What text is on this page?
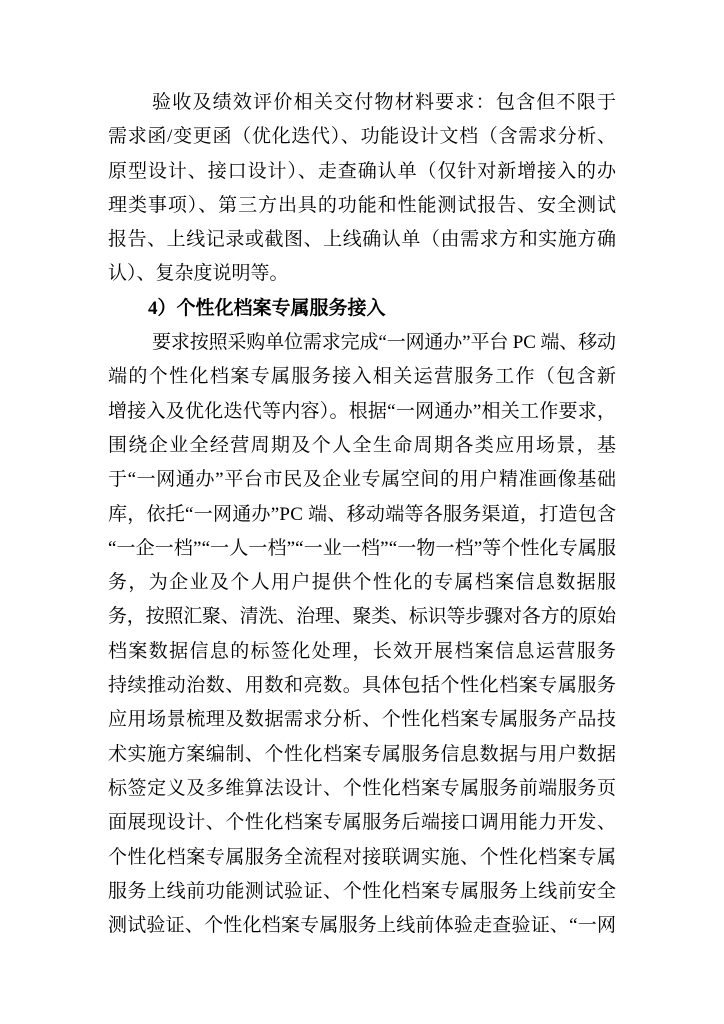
验收及绩效评价相关交付物材料要求：包含但不限于
需求函/变更函（优化迭代）、功能设计文档（含需求分析、
原型设计、接口设计）、走查确认单（仅针对新增接入的办
理类事项）、第三方出具的功能和性能测试报告、安全测试
报告、上线记录或截图、上线确认单（由需求方和实施方确
认）、复杂度说明等。
4）个性化档案专属服务接入
要求按照采购单位需求完成“一网通办”平台 PC 端、移动
端的个性化档案专属服务接入相关运营服务工作（包含新
增接入及优化迭代等内容）。根据“一网通办”相关工作要求，
围绕企业全经营周期及个人全生命周期各类应用场景，基
于“一网通办”平台市民及企业专属空间的用户精准画像基础
库，依托“一网通办”PC 端、移动端等各服务渠道，打造包含
“一企一档”“一人一档”“一业一档”“一物一档”等个性化专属服
务，为企业及个人用户提供个性化的专属档案信息数据服
务，按照汇聚、清洗、治理、聚类、标识等步骤对各方的原始
档案数据信息的标签化处理，长效开展档案信息运营服务
持续推动治数、用数和亮数。具体包括个性化档案专属服务
应用场景梳理及数据需求分析、个性化档案专属服务产品技
术实施方案编制、个性化档案专属服务信息数据与用户数据
标签定义及多维算法设计、个性化档案专属服务前端服务页
面展现设计、个性化档案专属服务后端接口调用能力开发、
个性化档案专属服务全流程对接联调实施、个性化档案专属
服务上线前功能测试验证、个性化档案专属服务上线前安全
测试验证、个性化档案专属服务上线前体验走查验证、“一网
